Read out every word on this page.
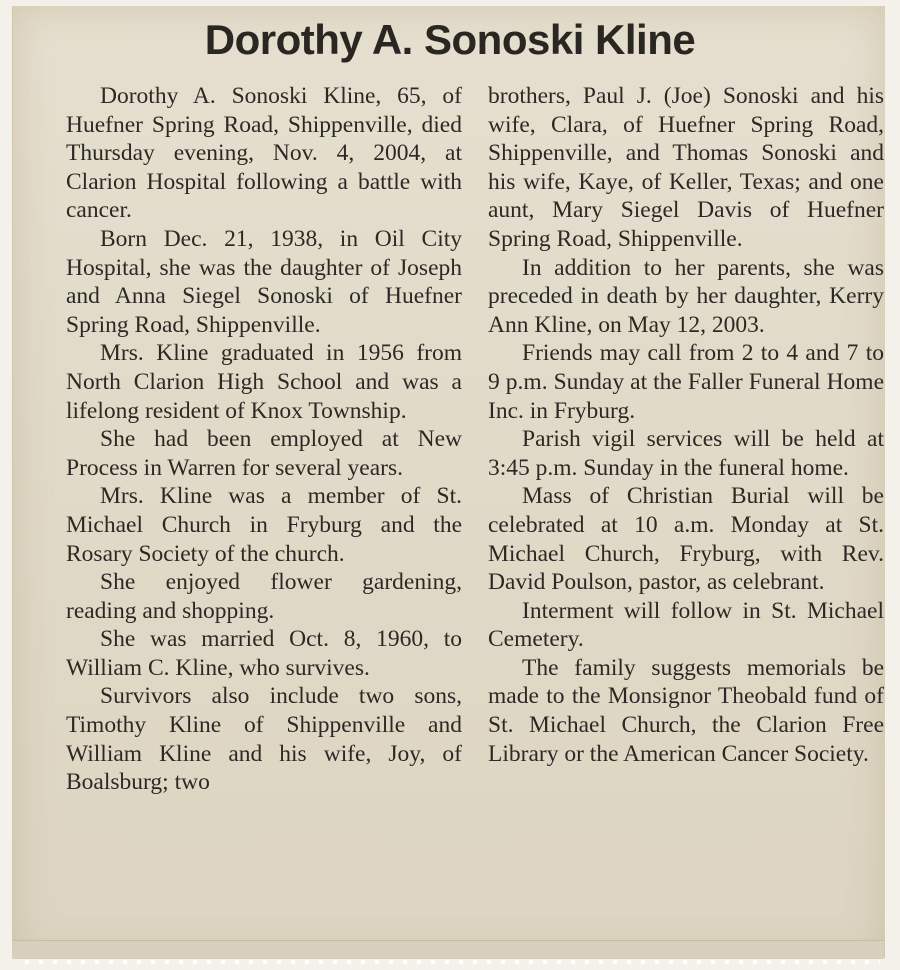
Dorothy A. Sonoski Kline

Dorothy A. Sonoski Kline, 65, of Huefner Spring Road, Shippenville, died Thursday evening, Nov. 4, 2004, at Clarion Hospital following a battle with cancer.

Born Dec. 21, 1938, in Oil City Hospital, she was the daughter of Joseph and Anna Siegel Sonoski of Huefner Spring Road, Shippenville.

Mrs. Kline graduated in 1956 from North Clarion High School and was a lifelong resident of Knox Township.

She had been employed at New Process in Warren for several years.

Mrs. Kline was a member of St. Michael Church in Fryburg and the Rosary Society of the church.

She enjoyed flower gardening, reading and shopping.

She was married Oct. 8, 1960, to William C. Kline, who survives.

Survivors also include two sons, Timothy Kline of Shippenville and William Kline and his wife, Joy, of Boalsburg; two

brothers, Paul J. (Joe) Sonoski and his wife, Clara, of Huefner Spring Road, Shippenville, and Thomas Sonoski and his wife, Kaye, of Keller, Texas; and one aunt, Mary Siegel Davis of Huefner Spring Road, Shippenville.

In addition to her parents, she was preceded in death by her daughter, Kerry Ann Kline, on May 12, 2003.

Friends may call from 2 to 4 and 7 to 9 p.m. Sunday at the Faller Funeral Home Inc. in Fryburg.

Parish vigil services will be held at 3:45 p.m. Sunday in the funeral home.

Mass of Christian Burial will be celebrated at 10 a.m. Monday at St. Michael Church, Fryburg, with Rev. David Poulson, pastor, as celebrant.

Interment will follow in St. Michael Cemetery.

The family suggests memorials be made to the Monsignor Theobald fund of St. Michael Church, the Clarion Free Library or the American Cancer Society.
